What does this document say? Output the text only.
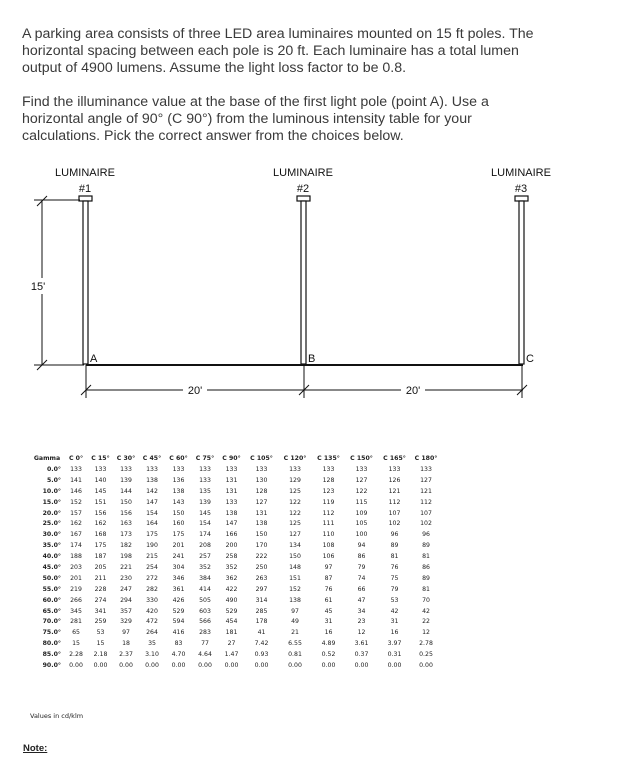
A parking area consists of three LED area luminaires mounted on 15 ft poles. The
horizontal spacing between each pole is 20 ft. Each luminaire has a total lumen
output of 4900 lumens. Assume the light loss factor to be 0.8.
Find the illuminance value at the base of the first light pole (point A). Use a
horizontal angle of 90° (C 90°) from the luminous intensity table for your
calculations. Pick the correct answer from the choices below.
LUMINAIRE
#1
LUMINAIRE
#2
LUMINAIRE
#3
A	B	C
15'
20'	20'
Gamma	C 0°	C 15°	C 30°	C 45°	C 60°	C 75°	C 90°	C 105°	C 120°	C 135°	C 150°	C 165°	C 180°
0.0°	133	133	133	133	133	133	133	133	133	133	133	133	133
5.0°	141	140	139	138	136	133	131	130	129	128	127	126	127
10.0°	146	145	144	142	138	135	131	128	125	123	122	121	121
15.0°	152	151	150	147	143	139	133	127	122	119	115	112	112
20.0°	157	156	156	154	150	145	138	131	122	112	109	107	107
25.0°	162	162	163	164	160	154	147	138	125	111	105	102	102
30.0°	167	168	173	175	175	174	166	150	127	110	100	96	96
35.0°	174	175	182	190	201	208	200	170	134	108	94	89	89
40.0°	188	187	198	215	241	257	258	222	150	106	86	81	81
45.0°	203	205	221	254	304	352	352	250	148	97	79	76	86
50.0°	201	211	230	272	346	384	362	263	151	87	74	75	89
55.0°	219	228	247	282	361	414	422	297	152	76	66	79	81
60.0°	266	274	294	330	426	505	490	314	138	61	47	53	70
65.0°	345	341	357	420	529	603	529	285	97	45	34	42	42
70.0°	281	259	329	472	594	566	454	178	49	31	23	31	22
75.0°	65	53	97	264	416	283	181	41	21	16	12	16	12
80.0°	15	15	18	35	83	77	27	7.42	6.55	4.89	3.61	3.97	2.78
85.0°	2.28	2.18	2.37	3.10	4.70	4.64	1.47	0.93	0.81	0.52	0.37	0.31	0.25
90.0°	0.00	0.00	0.00	0.00	0.00	0.00	0.00	0.00	0.00	0.00	0.00	0.00	0.00
Values in cd/klm
Note:
